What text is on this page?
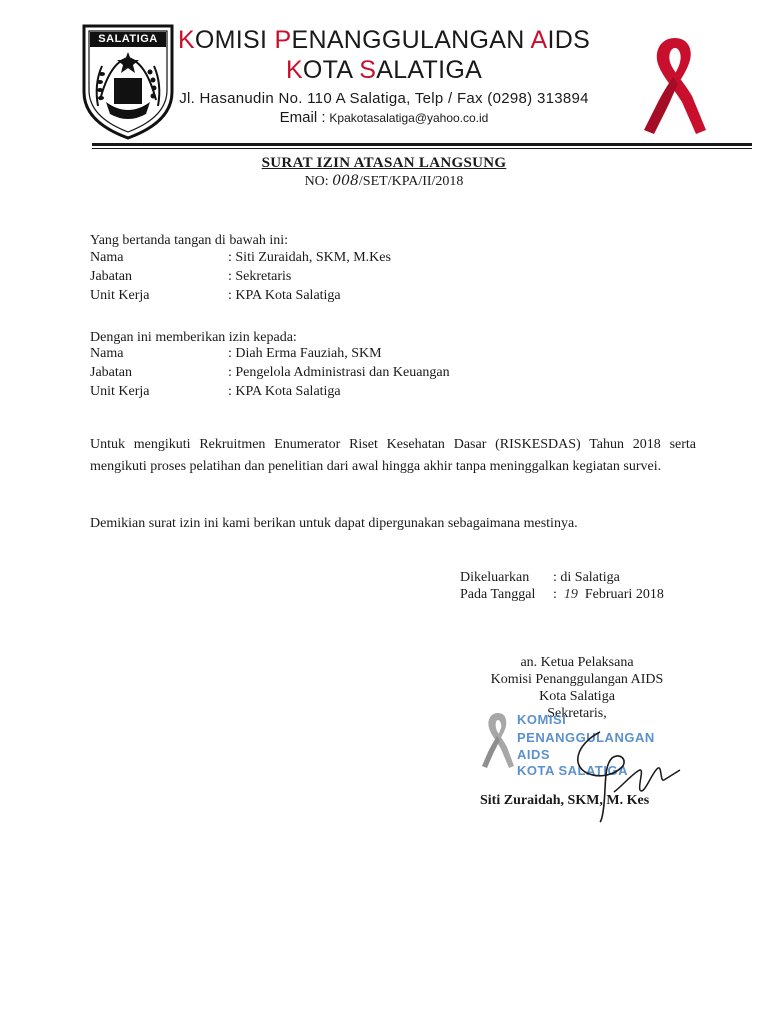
SALATIGA KOMISI PENANGGULANGAN AIDS
KOTA SALATIGA
Jl. Hasanudin No. 110 A Salatiga, Telp / Fax (0298) 313894
Email : Kpakotasalatiga@yahoo.co.id
SURAT IZIN ATASAN LANGSUNG
NO: 008/SET/KPA/II/2018
Yang bertanda tangan di bawah ini:
Nama	: Siti Zuraidah, SKM, M.Kes
Jabatan	: Sekretaris
Unit Kerja	: KPA Kota Salatiga
Dengan ini memberikan izin kepada:
Nama	: Diah Erma Fauziah, SKM
Jabatan	: Pengelola Administrasi dan Keuangan
Unit Kerja	: KPA Kota Salatiga
Untuk mengikuti Rekruitmen Enumerator Riset Kesehatan Dasar (RISKESDAS) Tahun 2018 serta mengikuti proses pelatihan dan penelitian dari awal hingga akhir tanpa meninggalkan kegiatan survei.
Demikian surat izin ini kami berikan untuk dapat dipergunakan sebagaimana mestinya.
Dikeluarkan : di Salatiga
Pada Tanggal : 19 Februari 2018
an. Ketua Pelaksana
Komisi Penanggulangan AIDS
Kota Salatiga
Sekretaris,
KOMISI
PENANGGULANGAN
AIDS
KOTA SALATIGA
Siti Zuraidah, SKM, M. Kes
